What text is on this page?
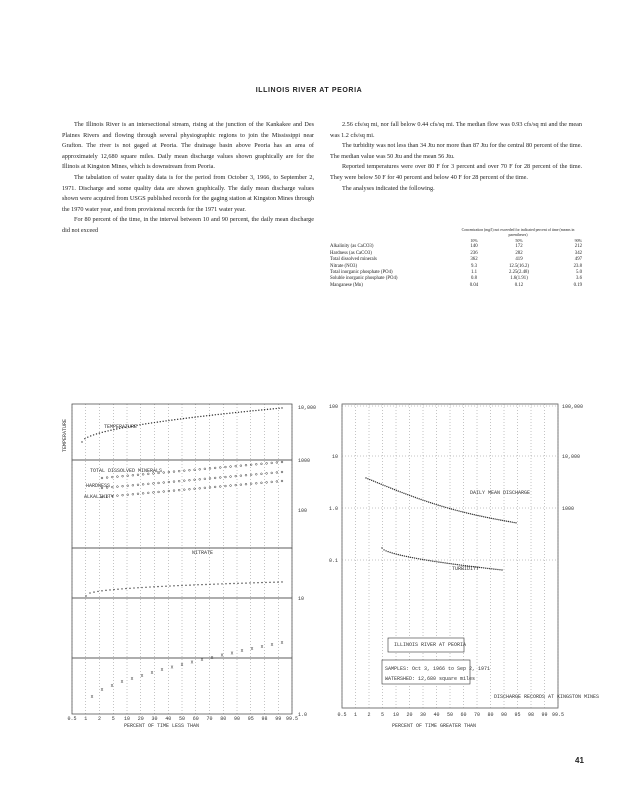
ILLINOIS RIVER AT PEORIA

The Illinois River is an intersectional stream, rising at the junction of the Kankakee and Des Plaines Rivers and flowing through several physiographic regions to join the Mississippi near Grafton. The river is not gaged at Peoria. The drainage basin above Peoria has an area of approximately 12,680 square miles. Daily mean discharge values shown graphically are for the Illinois at Kingston Mines, which is downstream from Peoria.

The tabulation of water quality data is for the period from October 3, 1966, to September 2, 1971. Discharge and some quality data are shown graphically. The daily mean discharge values shown were acquired from USGS published records for the gaging station at Kingston Mines through the 1970 water year, and from provisional records for the 1971 water year.

For 80 percent of the time, in the interval between 10 and 90 percent, the daily mean discharge did not exceed

2.56 cfs/sq mi, nor fall below 0.44 cfs/sq mi. The median flow was 0.93 cfs/sq mi and the mean was 1.2 cfs/sq mi.

The turbidity was not less than 34 Jtu nor more than 87 Jtu for the central 80 percent of the time. The median value was 50 Jtu and the mean 56 Jtu.

Reported temperatures were over 80 F for 3 percent and over 70 F for 28 percent of the time. They were below 50 F for 40 percent and below 40 F for 28 percent of the time.

The analyses indicated the following.

Concentration (mg/l) not exceeded for indicated percent of time (means in parentheses)
10%	50%	90%
Alkalinity (as CaCO3)	140	172	212
Hardness (as CaCO3)	236	282	342
Total dissolved minerals	362	419	497
Nitrate (NO3)	9.3	12.5(16.2)	23.8
Total inorganic phosphate (PO4)	1.1	2.25(2.48)	5.0
Soluble inorganic phosphate (PO4)	0.8	1.6(1.91)	3.6
Manganese (Mn)	0.04	0.12	0.19
x
x
x
x
x
x x x x x x x x x x x x x x x
TEMPERATURE
TOTAL DISSOLVED MINERALS
HARDNESS
ALKALINITY
NITRATE
TEMPERATURE
0.5 1 2 5 10 20 30 40 50 60 70 80 90 95 98 99 99.5
10,000
1000
100
10
1.0
PERCENT OF TIME LESS THAN
DAILY MEAN DISCHARGE
TURBIDITY
ILLINOIS RIVER AT PEORIA
SAMPLES: Oct 3, 1966 to Sep 2, 1971
WATERSHED: 12,680 square miles
DISCHARGE RECORDS AT KINGSTON MINES
100
10
1.0
0.1
100,000
10,000
1000
0.5 1 2 5 10 20 30 40 50 60 70 80 90 95 98 99 99.5
PERCENT OF TIME GREATER THAN
41
